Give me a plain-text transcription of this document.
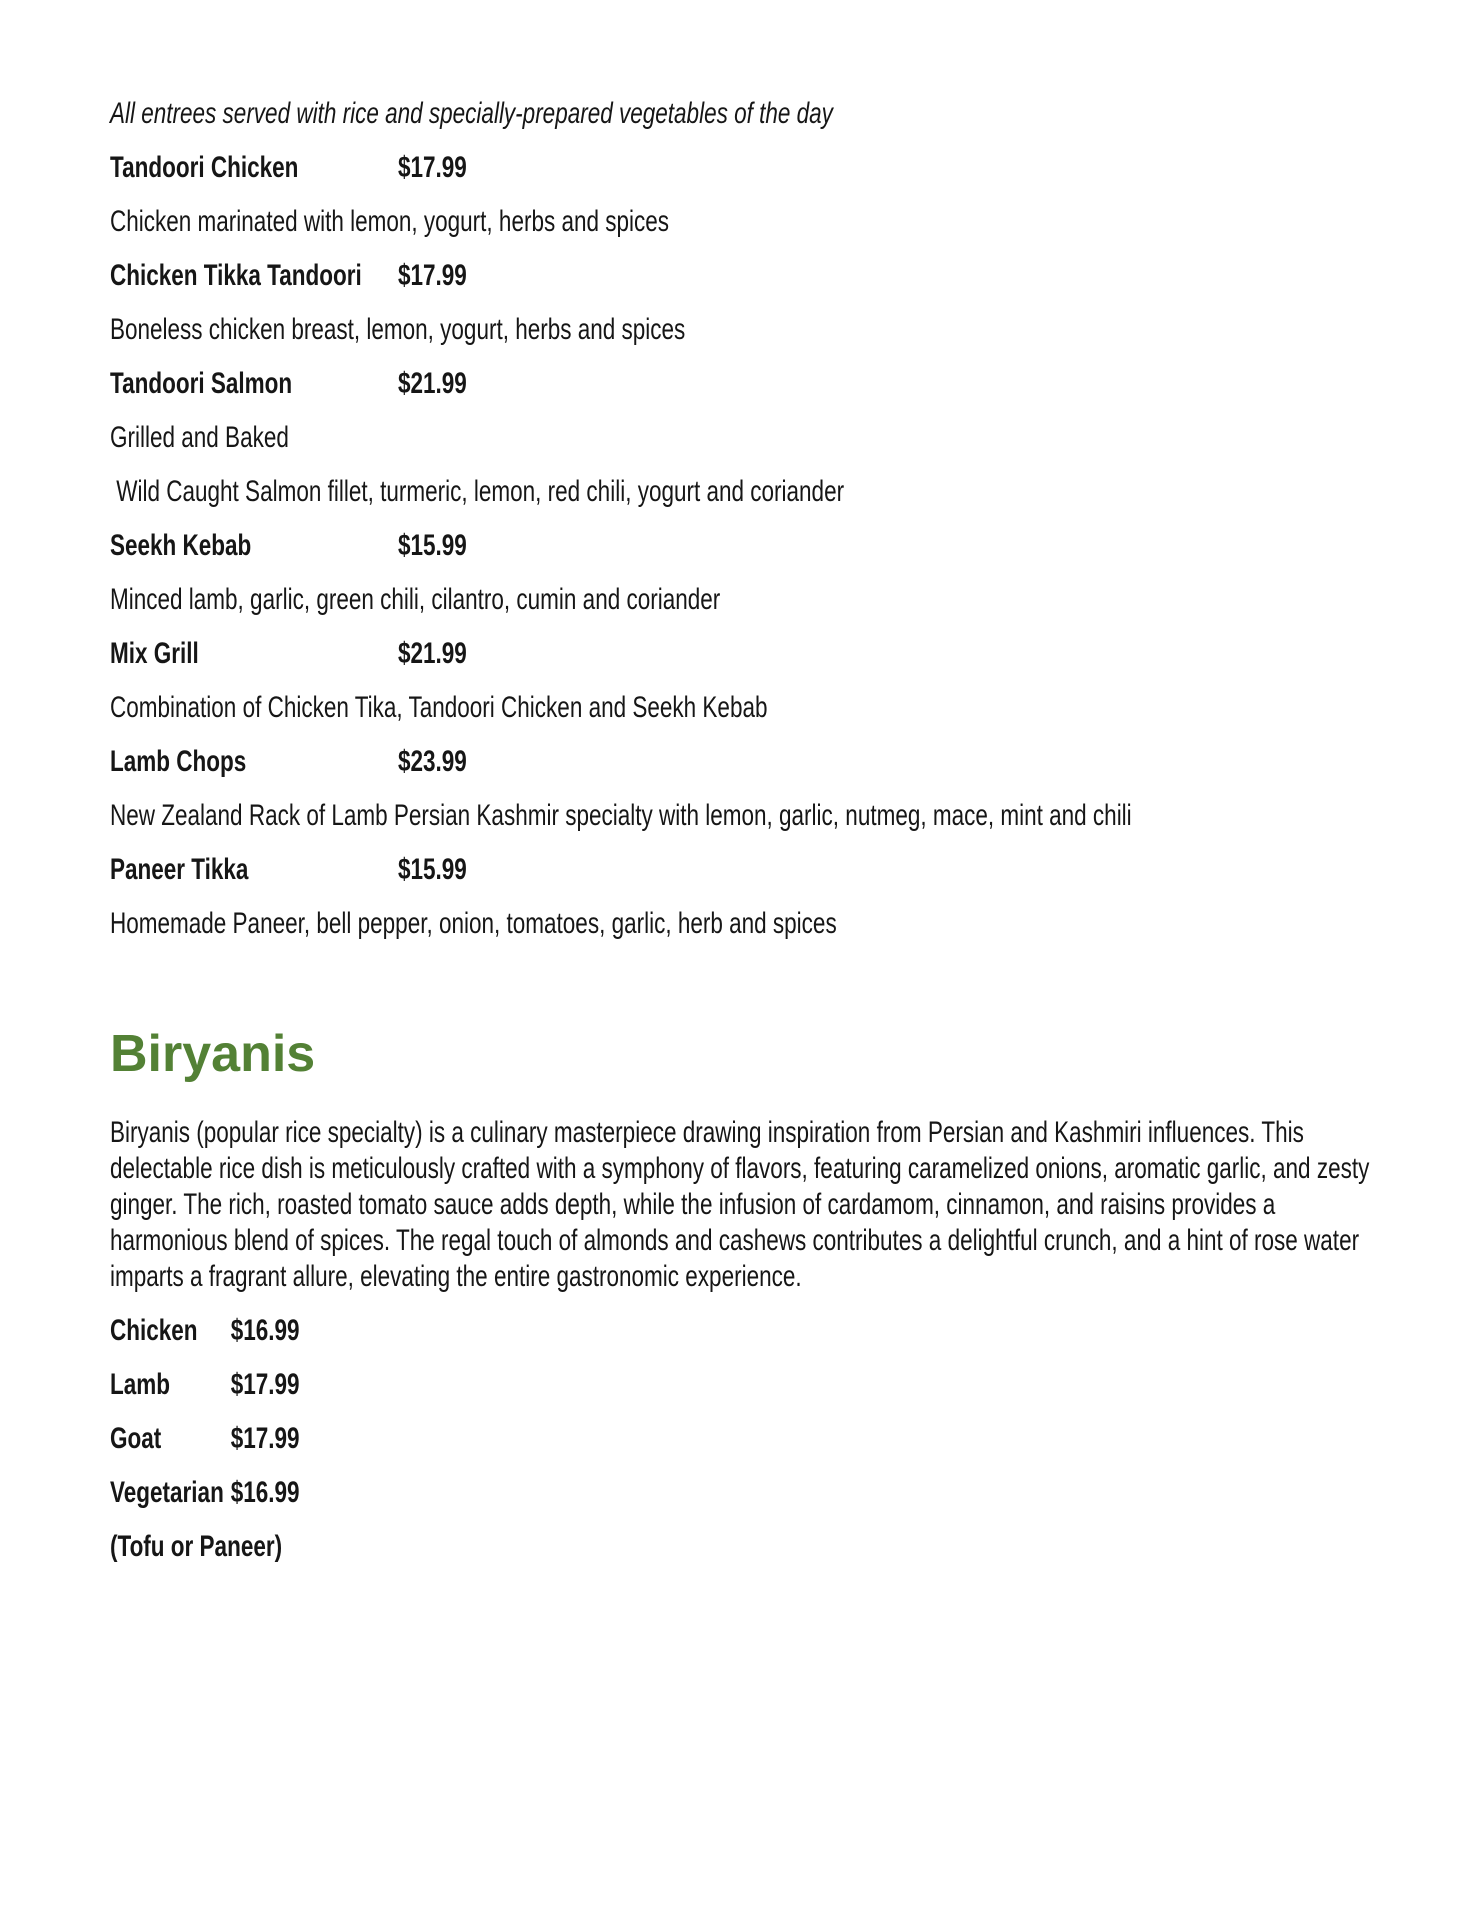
All entrees served with rice and specially-prepared vegetables of the day

Tandoori Chicken	$17.99

Chicken marinated with lemon, yogurt, herbs and spices

Chicken Tikka Tandoori $17.99

Boneless chicken breast, lemon, yogurt, herbs and spices

Tandoori Salmon	$21.99

Grilled and Baked

Wild Caught Salmon fillet, turmeric, lemon, red chili, yogurt and coriander

Seekh Kebab	$15.99

Minced lamb, garlic, green chili, cilantro, cumin and coriander

Mix Grill	$21.99

Combination of Chicken Tika, Tandoori Chicken and Seekh Kebab

Lamb Chops	$23.99

New Zealand Rack of Lamb Persian Kashmir specialty with lemon, garlic, nutmeg, mace, mint and chili

Paneer Tikka	$15.99

Homemade Paneer, bell pepper, onion, tomatoes, garlic, herb and spices

Biryanis

Biryanis (popular rice specialty) is a culinary masterpiece drawing inspiration from Persian and Kashmiri influences. This delectable rice dish is meticulously crafted with a symphony of flavors, featuring caramelized onions, aromatic garlic, and zesty ginger. The rich, roasted tomato sauce adds depth, while the infusion of cardamom, cinnamon, and raisins provides a harmonious blend of spices. The regal touch of almonds and cashews contributes a delightful crunch, and a hint of rose water imparts a fragrant allure, elevating the entire gastronomic experience.

Chicken $16.99

Lamb $17.99

Goat $17.99

Vegetarian $16.99

(Tofu or Paneer)
